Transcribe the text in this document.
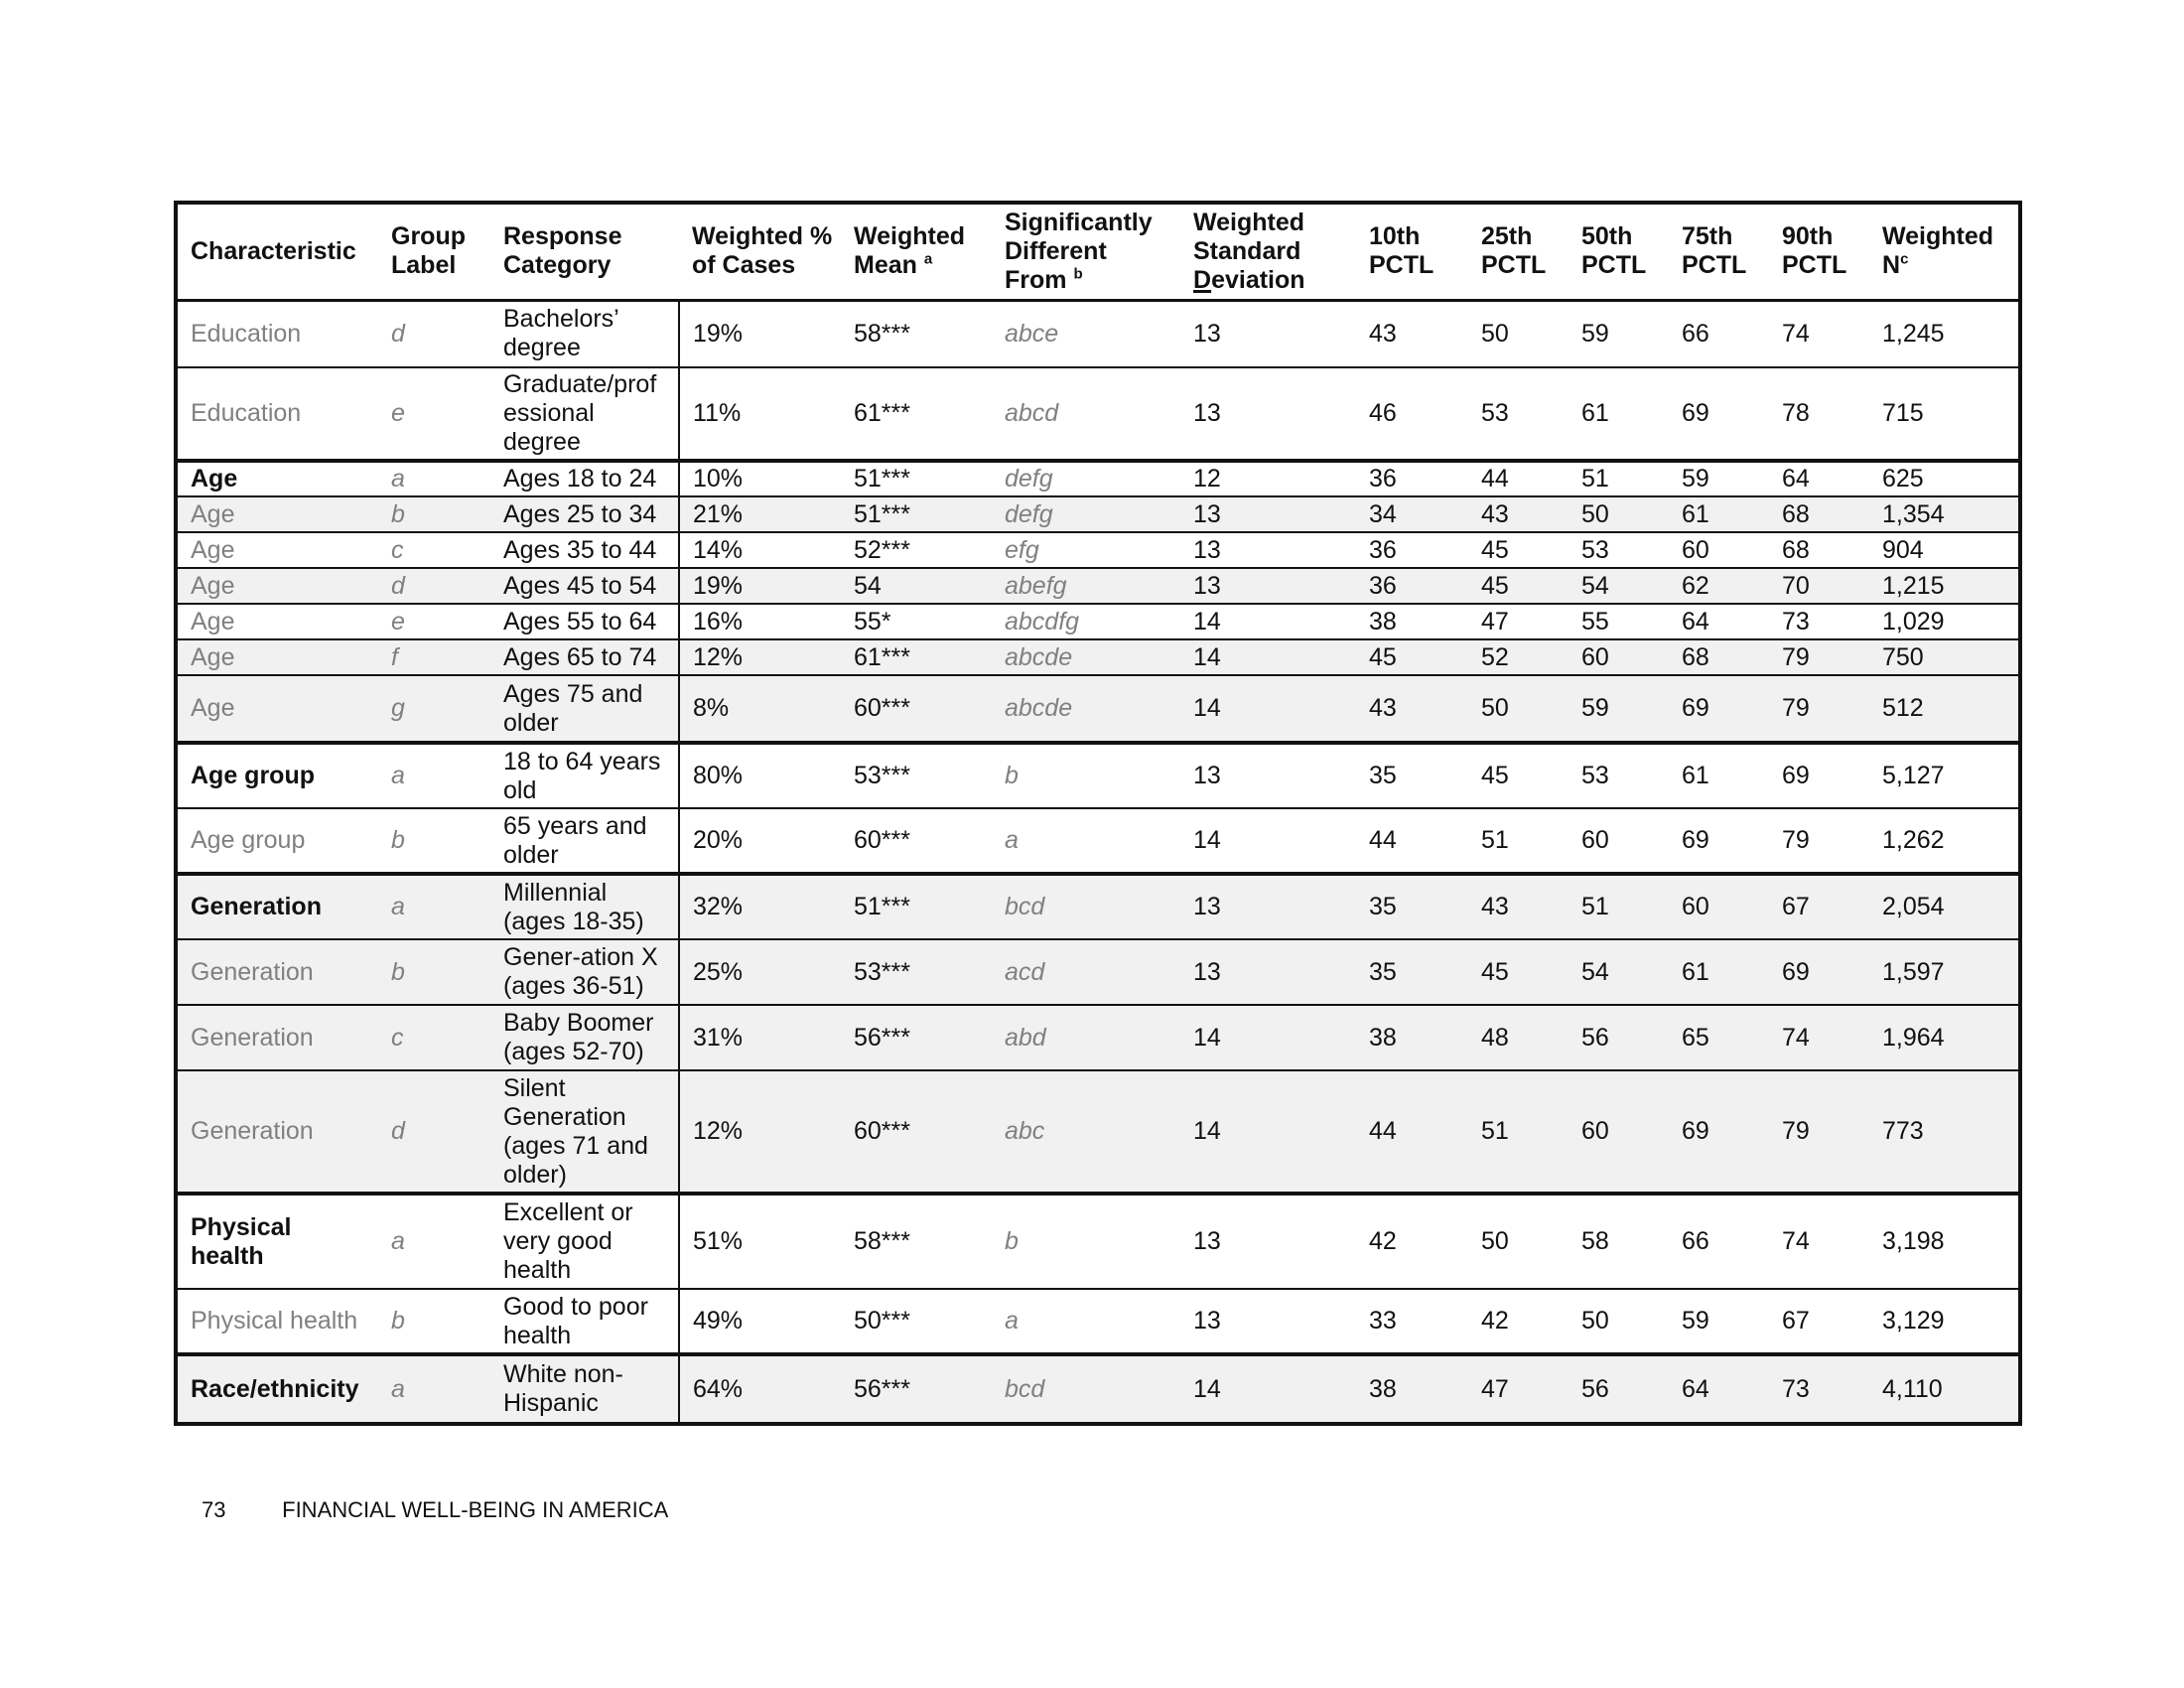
Characteristic	Group Label	Response Category	Weighted % of Cases	Weighted Mean $^a$	Significantly Different From $^b$	Weighted Standard Deviation	10th PCTL	25th PCTL	50th PCTL	75th PCTL	90th PCTL	Weighted $N^c$
Education	d	Bachelors’ degree	19%	58***	abce	13	43	50	59	66	74	1,245
Education	e	Graduate/prof essional degree	11%	61***	abcd	13	46	53	61	69	78	715
Age	a	Ages 18 to 24	10%	51***	defg	12	36	44	51	59	64	625
Age	b	Ages 25 to 34	21%	51***	defg	13	34	43	50	61	68	1,354
Age	c	Ages 35 to 44	14%	52***	efg	13	36	45	53	60	68	904
Age	d	Ages 45 to 54	19%	54	abefg	13	36	45	54	62	70	1,215
Age	e	Ages 55 to 64	16%	55*	abcdfg	14	38	47	55	64	73	1,029
Age	f	Ages 65 to 74	12%	61***	abcde	14	45	52	60	68	79	750
Age	g	Ages 75 and older	8%	60***	abcde	14	43	50	59	69	79	512
Age group	a	18 to 64 years old	80%	53***	b	13	35	45	53	61	69	5,127
Age group	b	65 years and older	20%	60***	a	14	44	51	60	69	79	1,262
Generation	a	Millennial (ages 18-35)	32%	51***	bcd	13	35	43	51	60	67	2,054
Generation	b	Gener-ation X (ages 36-51)	25%	53***	acd	13	35	45	54	61	69	1,597
Generation	c	Baby Boomer (ages 52-70)	31%	56***	abd	14	38	48	56	65	74	1,964
Generation	d	Silent Generation (ages 71 and older)	12%	60***	abc	14	44	51	60	69	79	773
Physical health	a	Excellent or very good health	51%	58***	b	13	42	50	58	66	74	3,198
Physical health	b	Good to poor health	49%	50***	a	13	33	42	50	59	67	3,129
Race/ethnicity	a	White non-Hispanic	64%	56***	bcd	14	38	47	56	64	73	4,110
73	FINANCIAL WELL-BEING IN AMERICA
